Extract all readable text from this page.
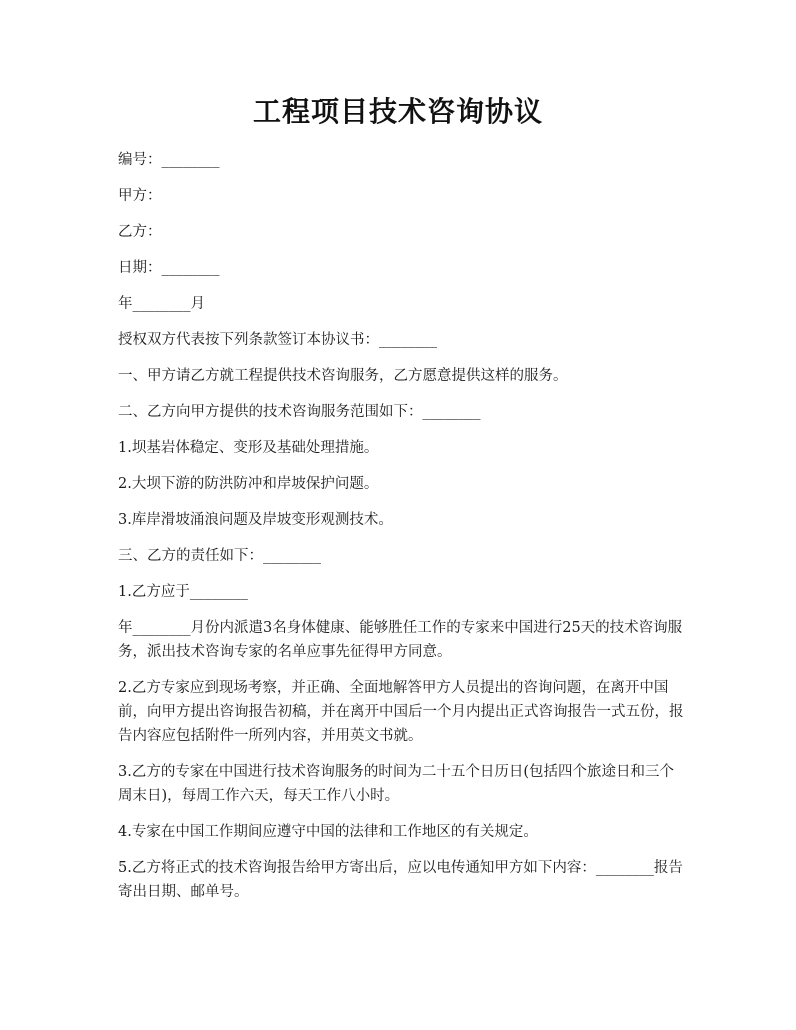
工程项目技术咨询协议

编号：________

甲方：

乙方：

日期：________

年________月

授权双方代表按下列条款签订本协议书：________

一、甲方请乙方就工程提供技术咨询服务，乙方愿意提供这样的服务。

二、乙方向甲方提供的技术咨询服务范围如下：________

1.坝基岩体稳定、变形及基础处理措施。

2.大坝下游的防洪防冲和岸坡保护问题。

3.库岸滑坡涌浪问题及岸坡变形观测技术。

三、乙方的责任如下：________

1.乙方应于________

年________月份内派遣3名身体健康、能够胜任工作的专家来中国进行25天的技术咨询服务，派出技术咨询专家的名单应事先征得甲方同意。

2.乙方专家应到现场考察，并正确、全面地解答甲方人员提出的咨询问题，在离开中国前，向甲方提出咨询报告初稿，并在离开中国后一个月内提出正式咨询报告一式五份，报告内容应包括附件一所列内容，并用英文书就。

3.乙方的专家在中国进行技术咨询服务的时间为二十五个日历日(包括四个旅途日和三个周末日)，每周工作六天，每天工作八小时。

4.专家在中国工作期间应遵守中国的法律和工作地区的有关规定。

5.乙方将正式的技术咨询报告给甲方寄出后，应以电传通知甲方如下内容：________报告寄出日期、邮单号。
